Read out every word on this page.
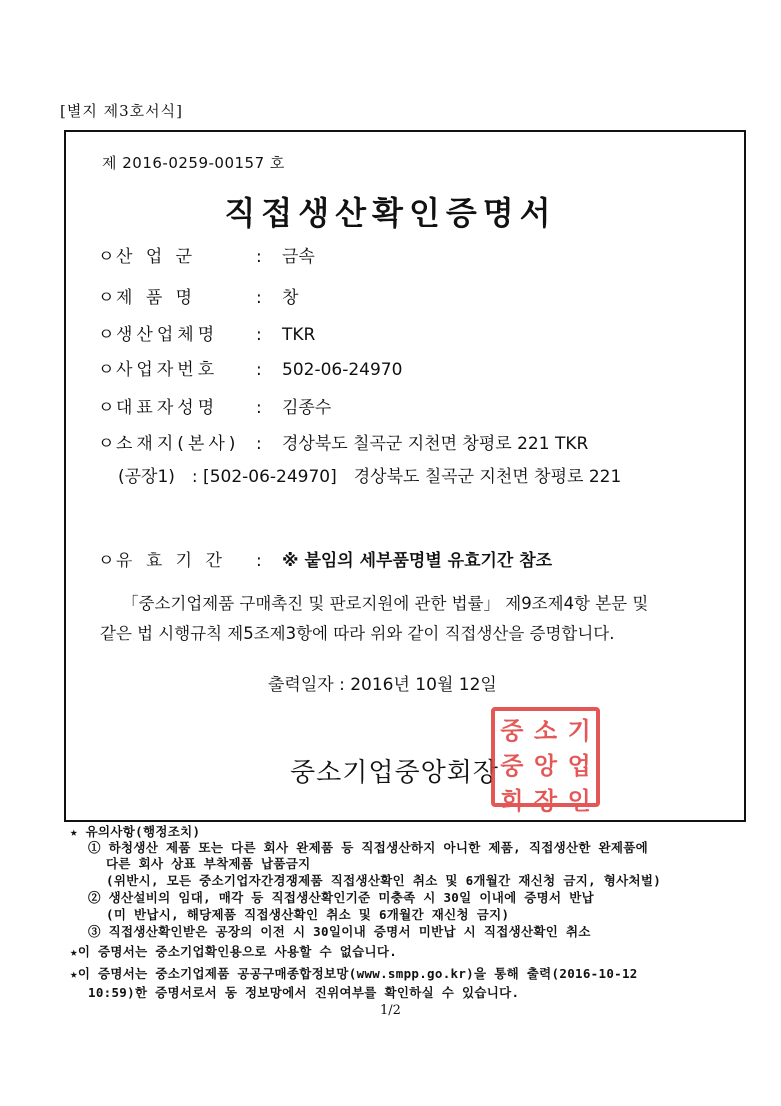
[별지 제3호서식]
제 2016-0259-00157 호
직접생산확인증명서
ㅇ산 업 군	: 금속
ㅇ제 품 명	: 창
ㅇ생산업체명 : TKR
ㅇ사업자번호 : 502-06-24970
ㅇ대표자성명 : 김종수
ㅇ소재지(본사) : 경상북도 칠곡군 지천면 창평로 221 TKR
(공장1)　: [502-06-24970]　경상북도 칠곡군 지천면 창평로 221
ㅇ유 효 기 간 : ※ 붙임의 세부품명별 유효기간 참조
「중소기업제품 구매촉진 및 판로지원에 관한 법률」 제9조제4항 본문 및
같은 법 시행규칙 제5조제3항에 따라 위와 같이 직접생산을 증명합니다.
출력일자 : 2016년 10월 12일
중소기업중앙회장
중 소 기
중 앙 업
회 장 인
★ 유의사항(행정조치)
① 하청생산 제품 또는 다른 회사 완제품 등 직접생산하지 아니한 제품, 직접생산한 완제품에
다른 회사 상표 부착제품 납품금지
(위반시, 모든 중소기업자간경쟁제품 직접생산확인 취소 및 6개월간 재신청 금지, 형사처벌)
② 생산설비의 임대, 매각 등 직접생산확인기준 미충족 시 30일 이내에 증명서 반납
(미 반납시, 해당제품 직접생산확인 취소 및 6개월간 재신청 금지)
③ 직접생산확인받은 공장의 이전 시 30일이내 증명서 미반납 시 직접생산확인 취소
★이 증명서는 중소기업확인용으로 사용할 수 없습니다.
★이 증명서는 중소기업제품 공공구매종합정보망(www.smpp.go.kr)을 통해 출력(2016-10-12
10:59)한 증명서로서 동 정보망에서 진위여부를 확인하실 수 있습니다.
1/2
